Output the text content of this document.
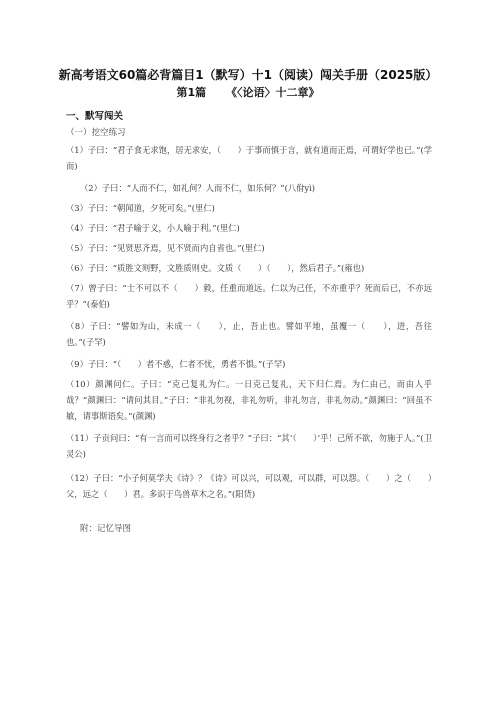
新高考语文60篇必背篇目1（默写）十1（阅读）闯关手册（2025版）
第1篇 《〈论语〉十二章》
一、默写闯关
（一）挖空练习
（1）子曰：“君子食无求饱，居无求安，（　　）于事而慎于言，就有道而正焉，可谓好学也已。”(学而)
（2）子曰：“人而不仁，如礼何？人而不仁，如乐何？”(八佾yì)
（3）子曰：“朝闻道，夕死可矣。”(里仁)
（4）子曰：“君子喻于义，小人喻于利。”(里仁)
（5）子曰：“见贤思齐焉，见不贤而内自省也。”(里仁)
（6）子曰：“质胜文则野，文胜质则史。文质（　　）（　　），然后君子。”(雍也)
（7）曾子曰：“士不可以不（　　）毅，任重而道远。仁以为己任，不亦重乎？死而后已，不亦远乎？”(泰伯)
（8）子曰：“譬如为山，未成一（　　），止，吾止也。譬如平地，虽覆一（　　），进，吾往也。”(子罕)
（9）子曰：“（　　）者不惑，仁者不忧，勇者不惧。”(子罕)
（10）颜渊问仁。子曰：“克己复礼为仁。一日克己复礼，天下归仁焉。为仁由己，而由人乎哉？”颜渊曰：“请问其目。”子曰：“非礼勿视，非礼勿听，非礼勿言，非礼勿动。”颜渊曰：“回虽不敏，请事斯语矣。”(颜渊)
（11）子贡问曰：“有一言而可以终身行之者乎？”子曰：“其‘（　　）’乎！己所不欲，勿施于人。”(卫灵公)
（12）子曰：“小子何莫学夫《诗》？《诗》可以兴，可以观，可以群，可以怨。（　　）之（　　）父，远之（　　）君。多识于鸟兽草木之名。”(阳货)
附：记忆导图
